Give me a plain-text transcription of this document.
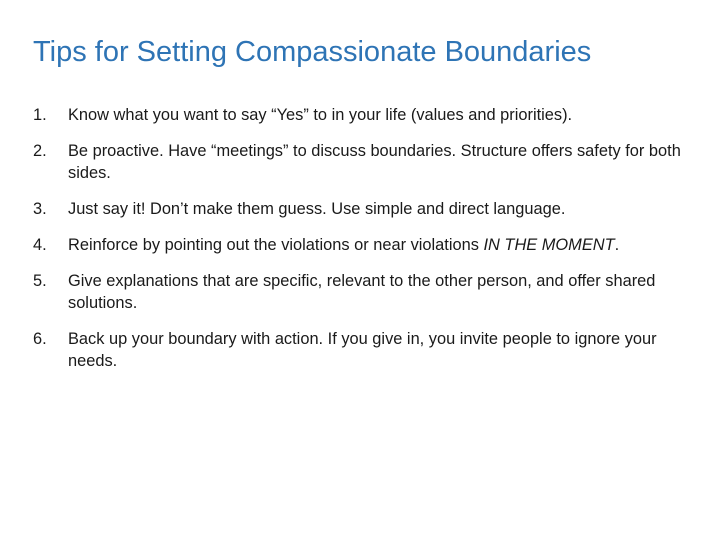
Tips for Setting Compassionate Boundaries
1.	Know what you want to say “Yes” to in your life (values and priorities).
2.	Be proactive. Have “meetings” to discuss boundaries. Structure offers safety for both sides.
3.	Just say it! Don’t make them guess. Use simple and direct language.
4.	Reinforce by pointing out the violations or near violations IN THE MOMENT.
5.	Give explanations that are specific, relevant to the other person, and offer shared solutions.
6.	Back up your boundary with action. If you give in, you invite people to ignore your needs.
